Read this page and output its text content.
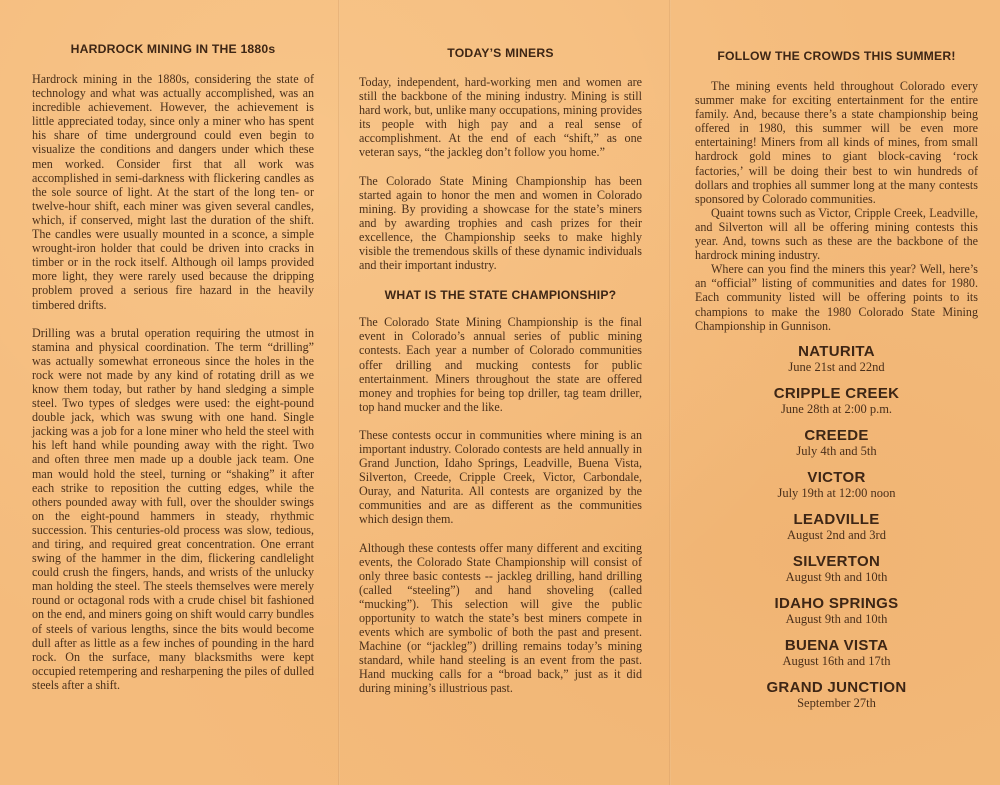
HARDROCK MINING IN THE 1880s

Hardrock mining in the 1880s, considering the state of technology and what was actually accomplished, was an incredible achievement. However, the achievement is little appreciated today, since only a miner who has spent his share of time underground could even begin to visualize the conditions and dangers under which these men worked. Consider first that all work was accomplished in semi-darkness with flickering candles as the sole source of light. At the start of the long ten- or twelve-hour shift, each miner was given several candles, which, if conserved, might last the duration of the shift. The candles were usually mounted in a sconce, a simple wrought-iron holder that could be driven into cracks in timber or in the rock itself. Although oil lamps provided more light, they were rarely used because the dripping problem proved a serious fire hazard in the heavily timbered drifts.

Drilling was a brutal operation requiring the utmost in stamina and physical coordination. The term “drilling” was actually somewhat erroneous since the holes in the rock were not made by any kind of rotating drill as we know them today, but rather by hand sledging a simple steel. Two types of sledges were used: the eight-pound double jack, which was swung with one hand. Single jacking was a job for a lone miner who held the steel with his left hand while pounding away with the right. Two and often three men made up a double jack team. One man would hold the steel, turning or “shaking” it after each strike to reposition the cutting edges, while the others pounded away with full, over the shoulder swings on the eight-pound hammers in steady, rhythmic succession. This centuries-old process was slow, tedious, and tiring, and required great concentration. One errant swing of the hammer in the dim, flickering candlelight could crush the fingers, hands, and wrists of the unlucky man holding the steel. The steels themselves were merely round or octagonal rods with a crude chisel bit fashioned on the end, and miners going on shift would carry bundles of steels of various lengths, since the bits would become dull after as little as a few inches of pounding in the hard rock. On the surface, many blacksmiths were kept occupied retempering and resharpening the piles of dulled steels after a shift.

TODAY’S MINERS

Today, independent, hard-working men and women are still the backbone of the mining industry. Mining is still hard work, but, unlike many occupations, mining provides its people with high pay and a real sense of accomplishment. At the end of each “shift,” as one veteran says, “the jackleg don’t follow you home.”

The Colorado State Mining Championship has been started again to honor the men and women in Colorado mining. By providing a showcase for the state’s miners and by awarding trophies and cash prizes for their excellence, the Championship seeks to make highly visible the tremendous skills of these dynamic individuals and their important industry.

WHAT IS THE STATE CHAMPIONSHIP?

The Colorado State Mining Championship is the final event in Colorado’s annual series of public mining contests. Each year a number of Colorado communities offer drilling and mucking contests for public entertainment. Miners throughout the state are offered money and trophies for being top driller, tag team driller, top hand mucker and the like.

These contests occur in communities where mining is an important industry. Colorado contests are held annually in Grand Junction, Idaho Springs, Leadville, Buena Vista, Silverton, Creede, Cripple Creek, Victor, Carbondale, Ouray, and Naturita. All contests are organized by the communities and are as different as the communities which design them.

Although these contests offer many different and exciting events, the Colorado State Championship will consist of only three basic contests -- jackleg drilling, hand drilling (called “steeling”) and hand shoveling (called “mucking”). This selection will give the public opportunity to watch the state’s best miners compete in events which are symbolic of both the past and present. Machine (or “jackleg”) drilling remains today’s mining standard, while hand steeling is an event from the past. Hand mucking calls for a “broad back,” just as it did during mining’s illustrious past.

FOLLOW THE CROWDS THIS SUMMER!

The mining events held throughout Colorado every summer make for exciting entertainment for the entire family. And, because there’s a state championship being offered in 1980, this summer will be even more entertaining! Miners from all kinds of mines, from small hardrock gold mines to giant block-caving ‘rock factories,’ will be doing their best to win hundreds of dollars and trophies all summer long at the many contests sponsored by Colorado communities.

Quaint towns such as Victor, Cripple Creek, Leadville, and Silverton will all be offering mining contests this year. And, towns such as these are the backbone of the hardrock mining industry.

Where can you find the miners this year? Well, here’s an “official” listing of communities and dates for 1980. Each community listed will be offering points to its champions to make the 1980 Colorado State Mining Championship in Gunnison.

NATURITA
June 21st and 22nd
CRIPPLE CREEK
June 28th at 2:00 p.m.
CREEDE
July 4th and 5th
VICTOR
July 19th at 12:00 noon
LEADVILLE
August 2nd and 3rd
SILVERTON
August 9th and 10th
IDAHO SPRINGS
August 9th and 10th
BUENA VISTA
August 16th and 17th
GRAND JUNCTION
September 27th
